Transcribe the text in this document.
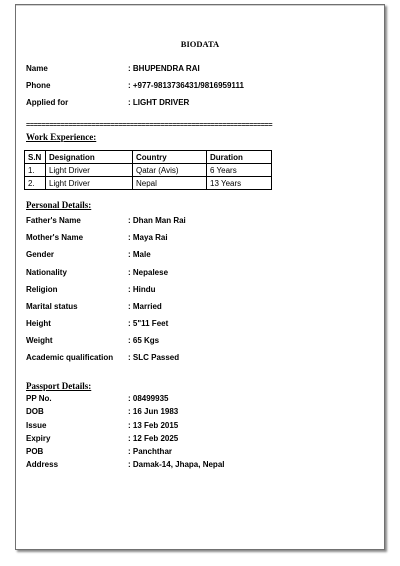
BIODATA
Name	: BHUPENDRA RAI
Phone	: +977-9813736431/9816959111
Applied for	: LIGHT DRIVER
================================================================
Work Experience:
S.N	Designation	Country	Duration
1.	Light Driver	Qatar (Avis)	6 Years
2.	Light Driver	Nepal	13 Years
Personal Details:
Father's Name	: Dhan Man Rai
Mother's Name	: Maya Rai
Gender	: Male
Nationality	: Nepalese
Religion	: Hindu
Marital status	: Married
Height	: 5"11 Feet
Weight	: 65 Kgs
Academic qualification : SLC Passed
Passport Details:
PP No.	: 08499935
DOB	: 16 Jun 1983
Issue	: 13 Feb 2015
Expiry	: 12 Feb 2025
POB	: Panchthar
Address	: Damak-14, Jhapa, Nepal
